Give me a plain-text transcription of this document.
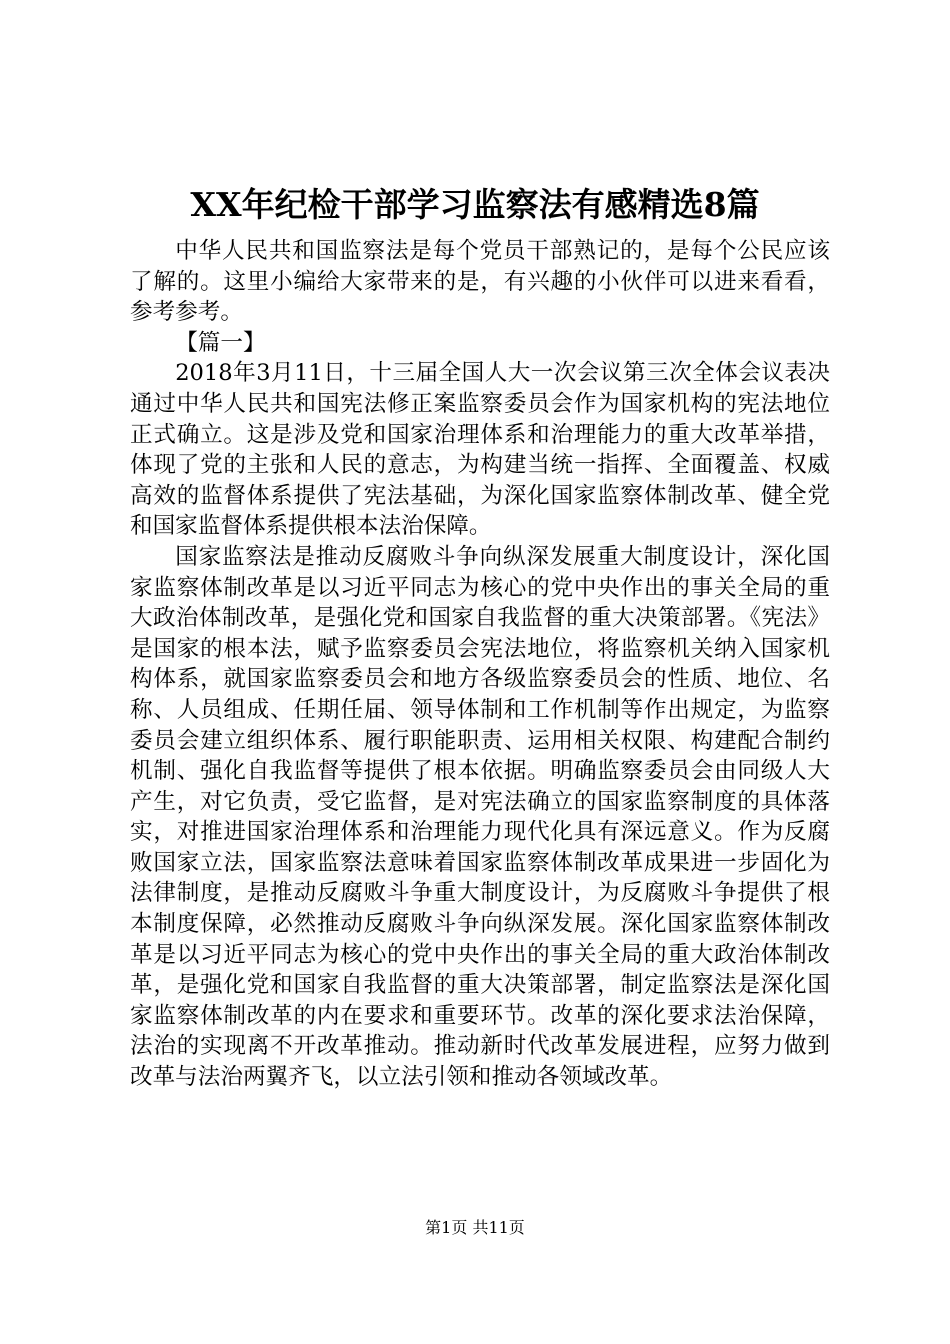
XX年纪检干部学习监察法有感精选8篇

中华人民共和国监察法是每个党员干部熟记的，是每个公民应该了解的。这里小编给大家带来的是，有兴趣的小伙伴可以进来看看，参考参考。

【篇一】

2018年3月11日，十三届全国人大一次会议第三次全体会议表决通过中华人民共和国宪法修正案监察委员会作为国家机构的宪法地位正式确立。这是涉及党和国家治理体系和治理能力的重大改革举措，体现了党的主张和人民的意志，为构建当统一指挥、全面覆盖、权威高效的监督体系提供了宪法基础，为深化国家监察体制改革、健全党和国家监督体系提供根本法治保障。

国家监察法是推动反腐败斗争向纵深发展重大制度设计，深化国家监察体制改革是以习近平同志为核心的党中央作出的事关全局的重大政治体制改革，是强化党和国家自我监督的重大决策部署。《宪法》是国家的根本法，赋予监察委员会宪法地位，将监察机关纳入国家机构体系，就国家监察委员会和地方各级监察委员会的性质、地位、名称、人员组成、任期任届、领导体制和工作机制等作出规定，为监察委员会建立组织体系、履行职能职责、运用相关权限、构建配合制约机制、强化自我监督等提供了根本依据。明确监察委员会由同级人大产生，对它负责，受它监督，是对宪法确立的国家监察制度的具体落实，对推进国家治理体系和治理能力现代化具有深远意义。作为反腐败国家立法，国家监察法意味着国家监察体制改革成果进一步固化为法律制度，是推动反腐败斗争重大制度设计，为反腐败斗争提供了根本制度保障，必然推动反腐败斗争向纵深发展。深化国家监察体制改革是以习近平同志为核心的党中央作出的事关全局的重大政治体制改革，是强化党和国家自我监督的重大决策部署，制定监察法是深化国家监察体制改革的内在要求和重要环节。改革的深化要求法治保障，法治的实现离不开改革推动。推动新时代改革发展进程，应努力做到改革与法治两翼齐飞，以立法引领和推动各领域改革。

第1页 共11页
